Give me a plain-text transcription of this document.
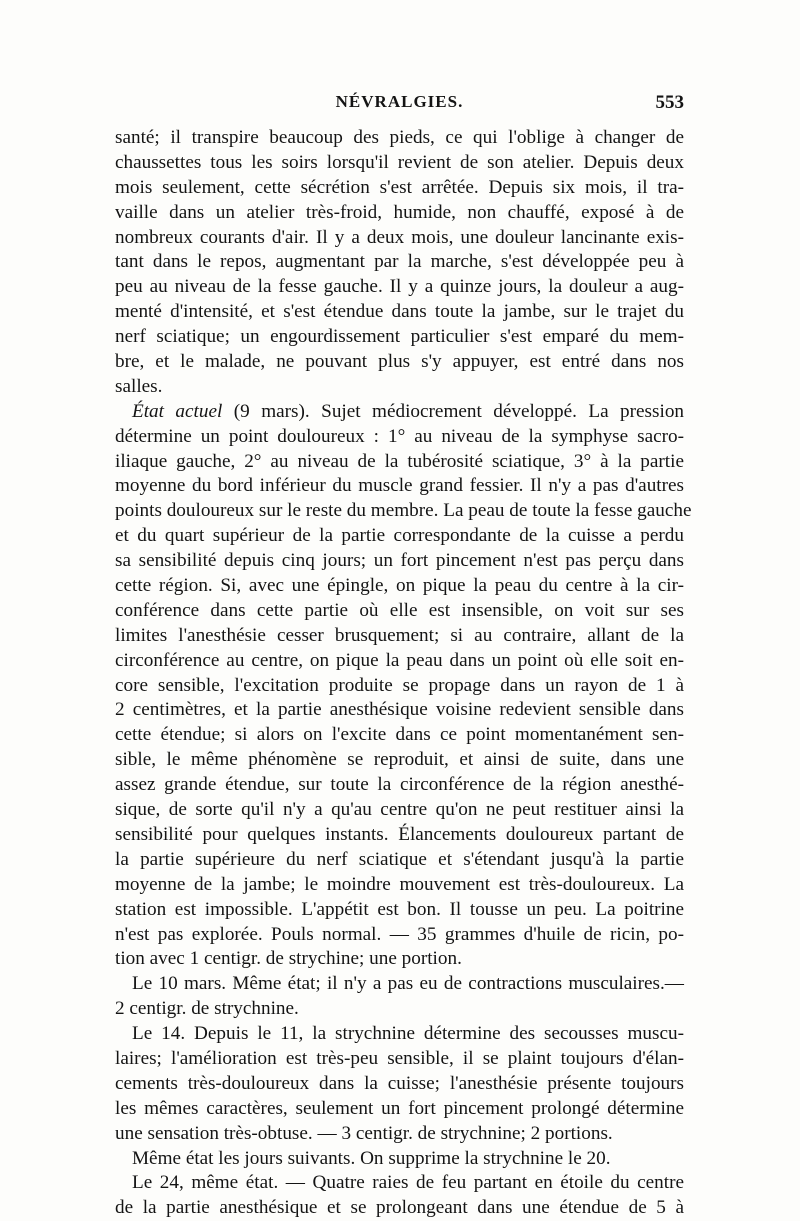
NÉVRALGIES.	553
santé; il transpire beaucoup des pieds, ce qui l'oblige à changer de
chaussettes tous les soirs lorsqu'il revient de son atelier. Depuis deux
mois seulement, cette sécrétion s'est arrêtée. Depuis six mois, il tra-
vaille dans un atelier très-froid, humide, non chauffé, exposé à de
nombreux courants d'air. Il y a deux mois, une douleur lancinante exis-
tant dans le repos, augmentant par la marche, s'est développée peu à
peu au niveau de la fesse gauche. Il y a quinze jours, la douleur a aug-
menté d'intensité, et s'est étendue dans toute la jambe, sur le trajet du
nerf sciatique; un engourdissement particulier s'est emparé du mem-
bre, et le malade, ne pouvant plus s'y appuyer, est entré dans nos
salles.
État actuel (9 mars). Sujet médiocrement développé. La pression
détermine un point douloureux : 1° au niveau de la symphyse sacro-
iliaque gauche, 2° au niveau de la tubérosité sciatique, 3° à la partie
moyenne du bord inférieur du muscle grand fessier. Il n'y a pas d'autres
points douloureux sur le reste du membre. La peau de toute la fesse gauche
et du quart supérieur de la partie correspondante de la cuisse a perdu
sa sensibilité depuis cinq jours; un fort pincement n'est pas perçu dans
cette région. Si, avec une épingle, on pique la peau du centre à la cir-
conférence dans cette partie où elle est insensible, on voit sur ses
limites l'anesthésie cesser brusquement; si au contraire, allant de la
circonférence au centre, on pique la peau dans un point où elle soit en-
core sensible, l'excitation produite se propage dans un rayon de 1 à
2 centimètres, et la partie anesthésique voisine redevient sensible dans
cette étendue; si alors on l'excite dans ce point momentanément sen-
sible, le même phénomène se reproduit, et ainsi de suite, dans une
assez grande étendue, sur toute la circonférence de la région anesthé-
sique, de sorte qu'il n'y a qu'au centre qu'on ne peut restituer ainsi la
sensibilité pour quelques instants. Élancements douloureux partant de
la partie supérieure du nerf sciatique et s'étendant jusqu'à la partie
moyenne de la jambe; le moindre mouvement est très-douloureux. La
station est impossible. L'appétit est bon. Il tousse un peu. La poitrine
n'est pas explorée. Pouls normal. — 35 grammes d'huile de ricin, po-
tion avec 1 centigr. de strychine; une portion.
Le 10 mars. Même état; il n'y a pas eu de contractions musculaires.—
2 centigr. de strychnine.
Le 14. Depuis le 11, la strychnine détermine des secousses muscu-
laires; l'amélioration est très-peu sensible, il se plaint toujours d'élan-
cements très-douloureux dans la cuisse; l'anesthésie présente toujours
les mêmes caractères, seulement un fort pincement prolongé détermine
une sensation très-obtuse. — 3 centigr. de strychnine; 2 portions.
Même état les jours suivants. On supprime la strychnine le 20.
Le 24, même état. — Quatre raies de feu partant en étoile du centre
de la partie anesthésique et se prolongeant dans une étendue de 5 à
